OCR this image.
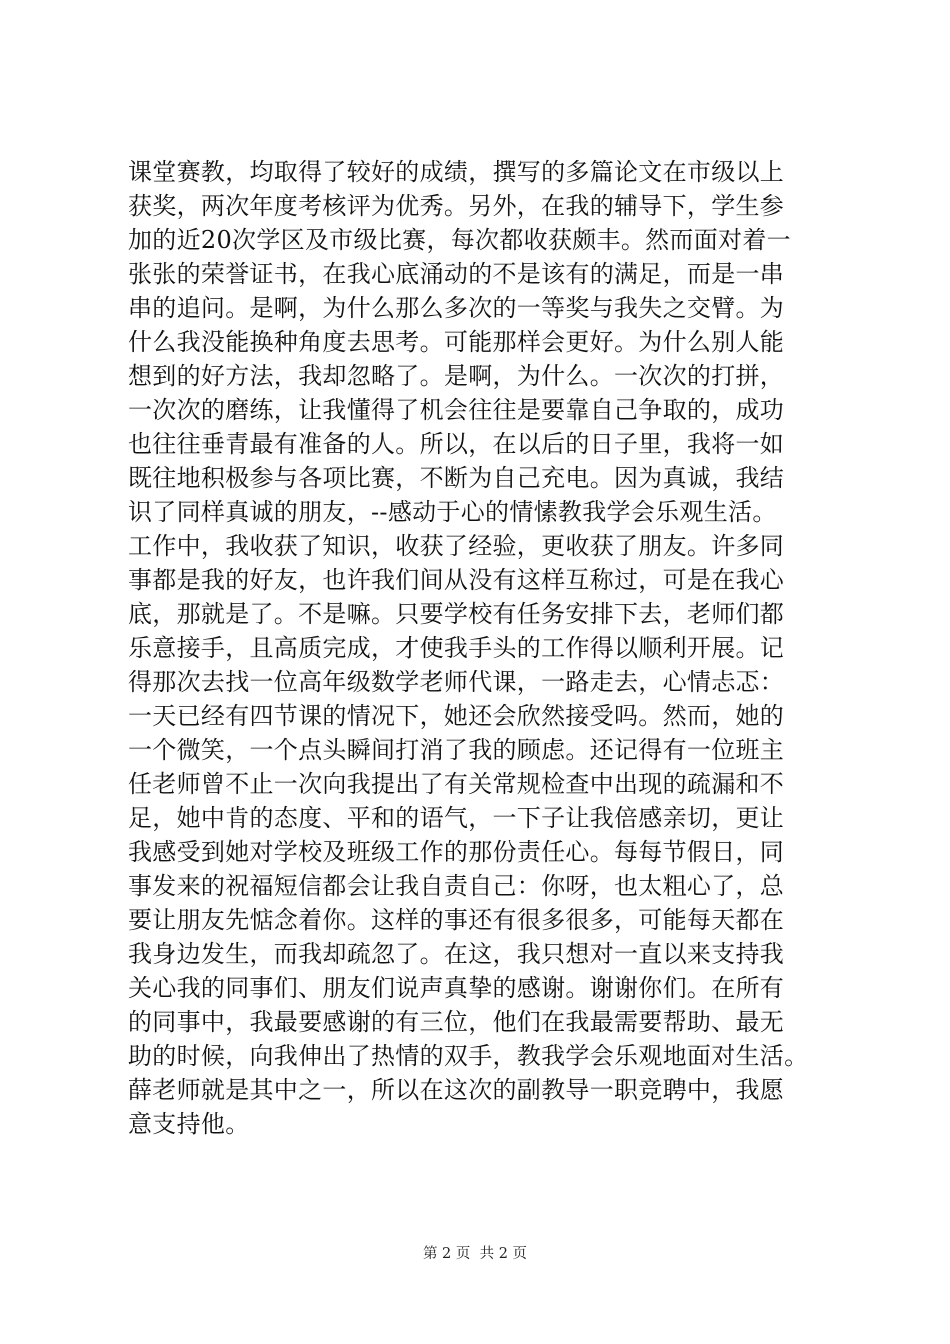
课堂赛教，均取得了较好的成绩，撰写的多篇论文在市级以上
获奖，两次年度考核评为优秀。另外，在我的辅导下，学生参
加的近20次学区及市级比赛，每次都收获颇丰。然而面对着一
张张的荣誉证书，在我心底涌动的不是该有的满足，而是一串
串的追问。是啊，为什么那么多次的一等奖与我失之交臂。为
什么我没能换种角度去思考。可能那样会更好。为什么别人能
想到的好方法，我却忽略了。是啊，为什么。一次次的打拼，
一次次的磨练，让我懂得了机会往往是要靠自己争取的，成功
也往往垂青最有准备的人。所以，在以后的日子里，我将一如
既往地积极参与各项比赛，不断为自己充电。因为真诚，我结
识了同样真诚的朋友，--感动于心的情愫教我学会乐观生活。
工作中，我收获了知识，收获了经验，更收获了朋友。许多同
事都是我的好友，也许我们间从没有这样互称过，可是在我心
底，那就是了。不是嘛。只要学校有任务安排下去，老师们都
乐意接手，且高质完成，才使我手头的工作得以顺利开展。记
得那次去找一位高年级数学老师代课，一路走去，心情忐忑：
一天已经有四节课的情况下，她还会欣然接受吗。然而，她的
一个微笑，一个点头瞬间打消了我的顾虑。还记得有一位班主
任老师曾不止一次向我提出了有关常规检查中出现的疏漏和不
足，她中肯的态度、平和的语气，一下子让我倍感亲切，更让
我感受到她对学校及班级工作的那份责任心。每每节假日，同
事发来的祝福短信都会让我自责自己：你呀，也太粗心了，总
要让朋友先惦念着你。这样的事还有很多很多，可能每天都在
我身边发生，而我却疏忽了。在这，我只想对一直以来支持我
关心我的同事们、朋友们说声真挚的感谢。谢谢你们。在所有
的同事中，我最要感谢的有三位，他们在我最需要帮助、最无
助的时候，向我伸出了热情的双手，教我学会乐观地面对生活。
薛老师就是其中之一，所以在这次的副教导一职竞聘中，我愿
意支持他。
第 2 页  共 2 页
